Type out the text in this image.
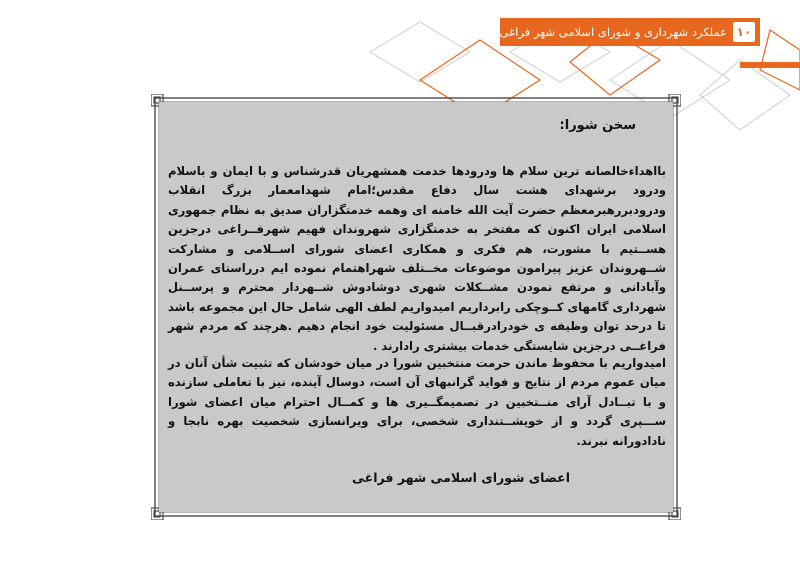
عملکرد شهرداری و شورای اسلامی شهر فراغی ۱۰
سخن شورا:
بااهداءخالصانه ترین سلام ها ودرودها خدمت همشهریان قدرشناس و با ایمان و باسلام ودرود برشهدای هشت سال دفاع مقدس؛امام شهدامعمار بزرگ انقلاب ودرودبررهبرمعظم حضرت آیت الله خامنه ای وهمه خدمتگزاران صدیق به نظام جمهوری اسلامی ایران اکنون که مفتخر به خدمتگزاری شهروندان فهیم شهرفــراغی درجزین هســتیم با مشورت، هم فکری و همکاری اعضای شورای اســلامی و مشارکت شــهروندان عزیز پیرامون موضوعات مخــتلف شهراهتمام نموده ایم درراستای عمران وآبادانی و مرتفع نمودن مشــکلات شهری دوشادوش شــهردار محترم و پرســنل شهرداری گامهای کــوچکی رابرداریم امیدواریم لطف الهی شامل حال این مجموعه باشد تا درحد توان وظیفه ی خودرادرقبــال مسئولیت خود انجام دهیم .هرچند که مردم شهر فراغــی درجزین شایستگی خدمات بیشتری رادارند .
امیدواریم با محفوظ ماندن حرمت منتخبین شورا در میان خودشان که تثبیت شأن آنان در میان عموم مردم از نتایج و فواید گرانبهای آن است، دوسال آینده، نیز با تعاملی سازنده و با تبــادل آرای منــتخبین در تصمیمگــیری ها و کمــال احترام میان اعضای شورا ســـپری گردد و از خویشــتنداری شخصی، برای ویرانسازی شخصیت بهره نابجا و نادادورانه نبرند.
اعضای شورای اسلامی شهر فراغی
